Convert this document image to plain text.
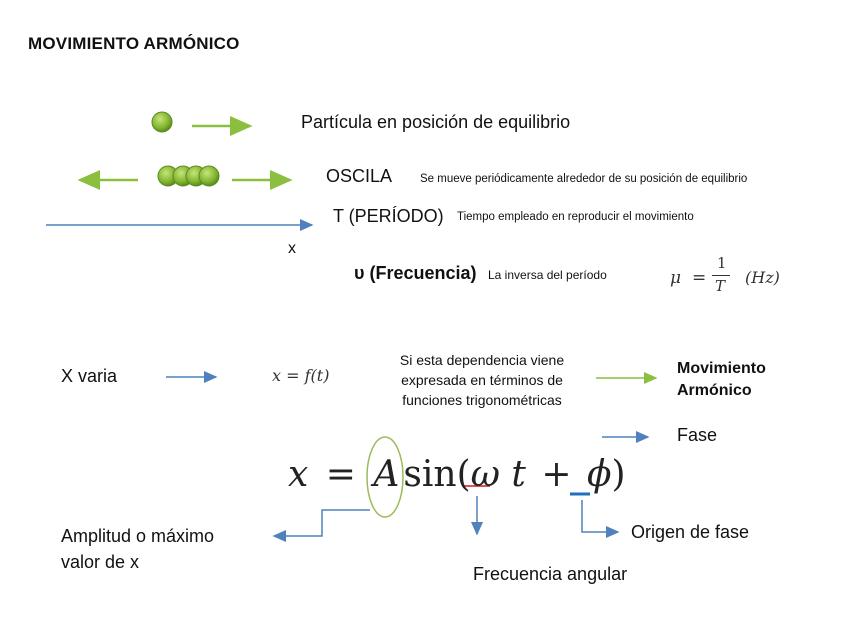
MOVIMIENTO ARMÓNICO
Partícula en posición de equilibrio
OSCILA Se mueve periódicamente alrededor de su posición de equilibrio
T (PERÍODO) Tiempo empleado en reproducir el movimiento
x
υ (Frecuencia) La inversa del período	μ =
1
T (Hz)
X varia	x = f(t)
Si esta dependencia viene expresada en términos de funciones trigonométricas
Movimiento
Armónico
Fase
x = A sin(ω t + ϕ)
Amplitud o máximo
valor de x
Frecuencia angular
Origen de fase
